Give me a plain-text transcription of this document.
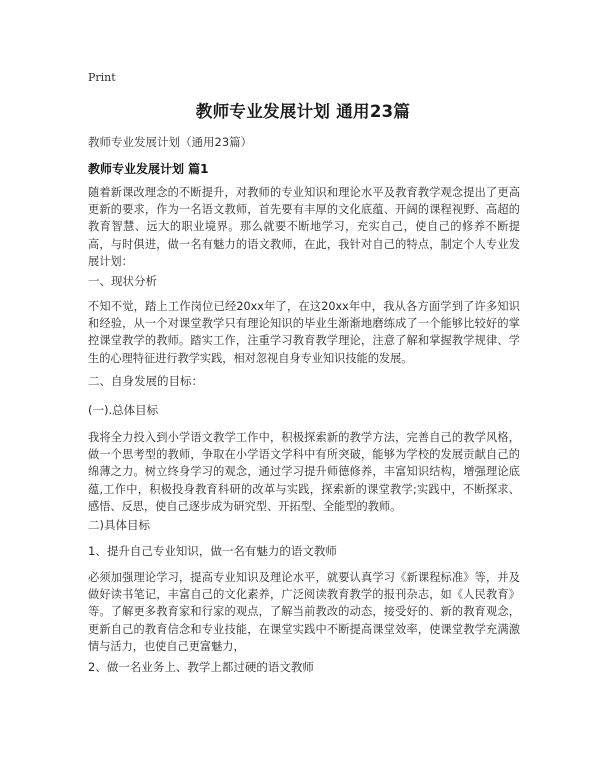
Print
教师专业发展计划 通用23篇
教师专业发展计划（通用23篇）
教师专业发展计划 篇1
随着新课改理念的不断提升，对教师的专业知识和理论水平及教育教学观念提出了更高更新的要求，作为一名语文教师，首先要有丰厚的文化底蕴、开阔的课程视野、高超的教育智慧、远大的职业境界。那么就要不断地学习，充实自己，使自己的修养不断提高，与时俱进，做一名有魅力的语文教师，在此，我针对自己的特点，制定个人专业发展计划：
一、现状分析
不知不觉，踏上工作岗位已经20xx年了，在这20xx年中，我从各方面学到了许多知识和经验，从一个对课堂教学只有理论知识的毕业生渐渐地磨练成了一个能够比较好的掌控课堂教学的教师。踏实工作，注重学习教育教学理论，注意了解和掌握教学规律、学生的心理特征进行教学实践，相对忽视自身专业知识技能的发展。
二、自身发展的目标：
(一).总体目标
我将全力投入到小学语文教学工作中，积极探索新的教学方法，完善自己的教学风格，做一个思考型的教师，争取在小学语文学科中有所突破，能够为学校的发展贡献自己的绵薄之力。树立终身学习的观念，通过学习提升师德修养，丰富知识结构，增强理论底蕴,工作中，积极投身教育科研的改革与实践，探索新的课堂教学;实践中，不断探求、感悟、反思，使自己逐步成为研究型、开拓型、全能型的教师。
二)具体目标
1、提升自己专业知识，做一名有魅力的语文教师
必须加强理论学习，提高专业知识及理论水平，就要认真学习《新课程标准》等，并及做好读书笔记，丰富自己的文化素养，广泛阅读教育教学的报刊杂志，如《人民教育》等。了解更多教育家和行家的观点，了解当前教改的动态，接受好的、新的教育观念，更新自己的教育信念和专业技能，在课堂实践中不断提高课堂效率，使课堂教学充满激情与活力，也使自己更富魅力，
2、做一名业务上、教学上都过硬的语文教师
